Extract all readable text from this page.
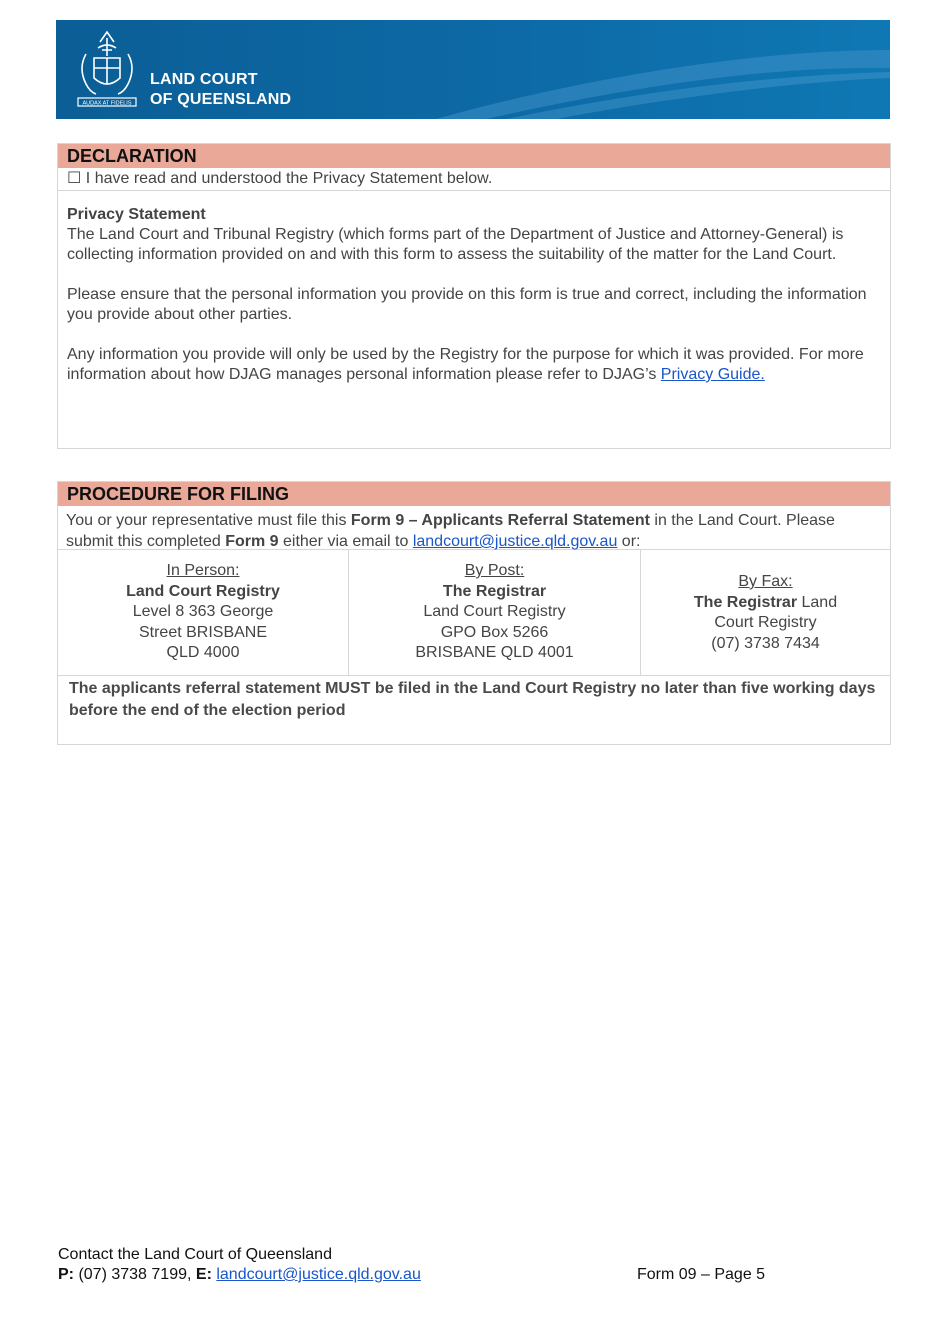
AUDAX AT FIDELIS
LAND COURT
OF QUEENSLAND
DECLARATION
☐ I have read and understood the Privacy Statement below.
Privacy Statement

The Land Court and Tribunal Registry (which forms part of the Department of Justice and Attorney-General) is collecting information provided on and with this form to assess the suitability of the matter for the Land Court.

Please ensure that the personal information you provide on this form is true and correct, including the information you provide about other parties.

Any information you provide will only be used by the Registry for the purpose for which it was provided. For more information about how DJAG manages personal information please refer to DJAG’s Privacy Guide.

PROCEDURE FOR FILING
You or your representative must file this Form 9 – Applicants Referral Statement in the Land Court. Please submit this completed Form 9 either via email to landcourt@justice.qld.gov.au or:
In Person:
Land Court Registry
Level 8 363 George
Street BRISBANE
QLD 4000
By Post:
The Registrar
Land Court Registry
GPO Box 5266
BRISBANE QLD 4001
By Fax:
The Registrar Land
Court Registry
(07) 3738 7434
The applicants referral statement MUST be filed in the Land Court Registry no later than five working days before the end of the election period
Contact the Land Court of Queensland
P: (07) 3738 7199, E: landcourt@justice.qld.gov.au	Form 09 – Page 5
